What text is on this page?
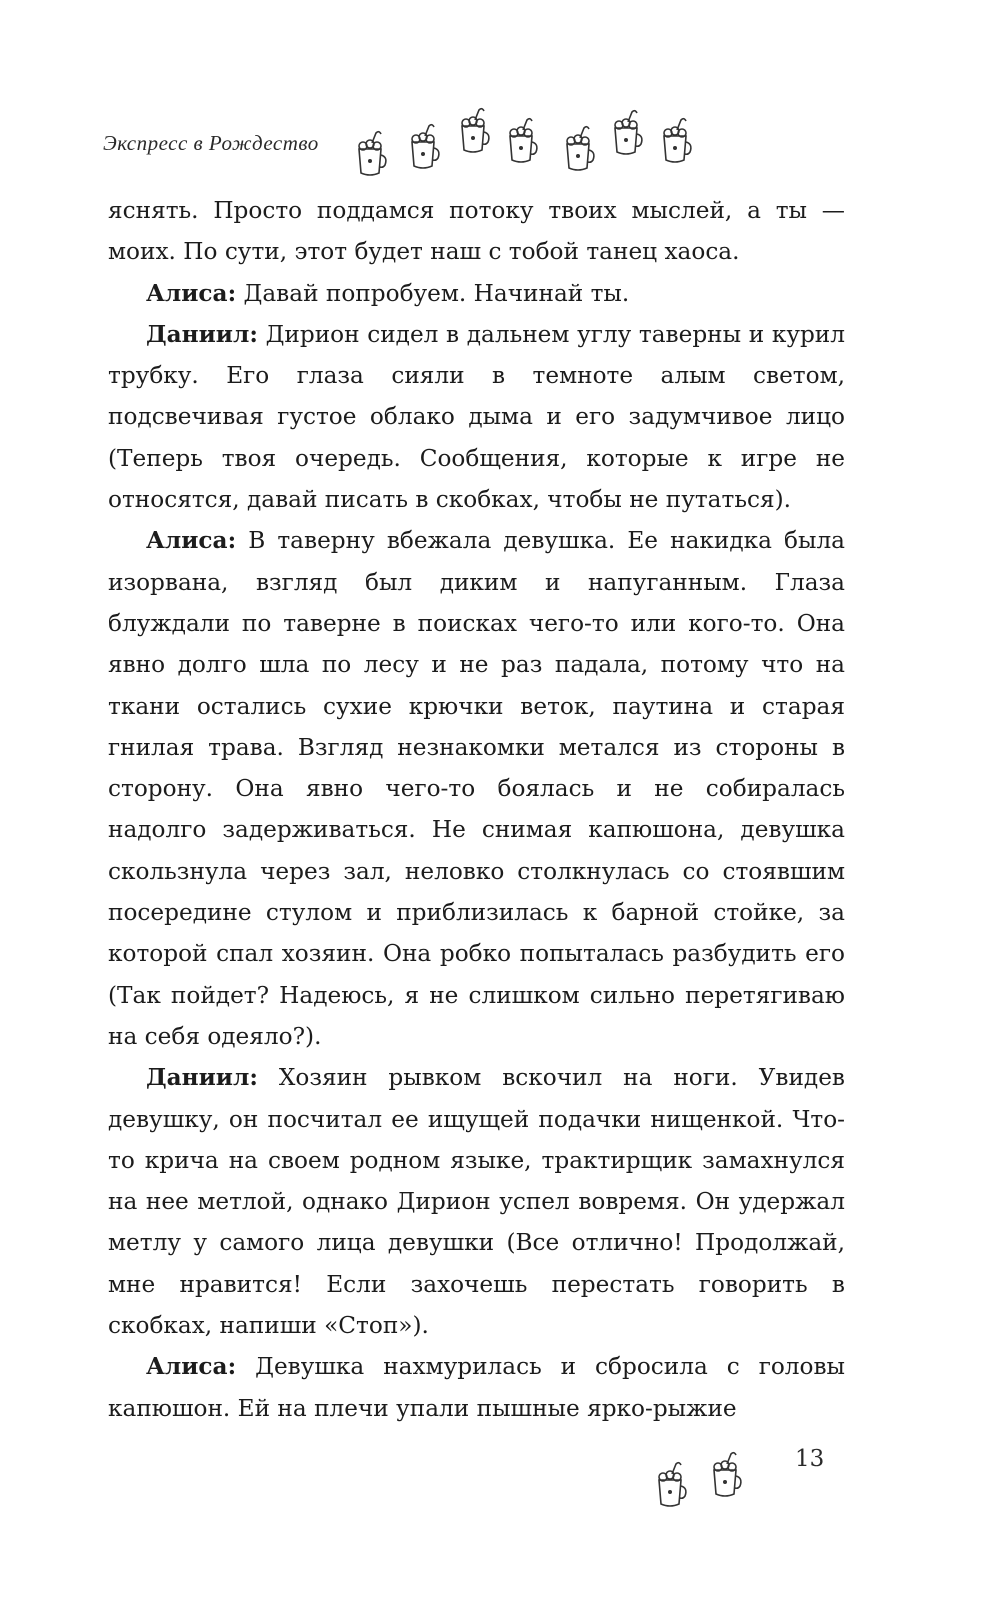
Экспресс в Рождество

яснять. Просто поддамся потоку твоих мыслей, а ты — моих. По сути, этот будет наш с тобой танец хаоса.

Алиса: Давай попробуем. Начинай ты.

Даниил: Дирион сидел в дальнем углу таверны и курил трубку. Его глаза сияли в темноте алым светом, подсвечивая густое облако дыма и его задумчивое лицо (Теперь твоя очередь. Сообщения, которые к игре не относятся, давай писать в скобках, чтобы не путаться).

Алиса: В таверну вбежала девушка. Ее накидка была изорвана, взгляд был диким и напуганным. Глаза блуждали по таверне в поисках чего-то или кого-то. Она явно долго шла по лесу и не раз падала, потому что на ткани остались сухие крючки веток, паутина и старая гнилая трава. Взгляд незнакомки метался из стороны в сторону. Она явно чего-то боялась и не собиралась надолго задерживаться. Не снимая капюшона, девушка скользнула через зал, неловко столкнулась со стоявшим посередине стулом и приблизилась к барной стойке, за которой спал хозяин. Она робко попыталась разбудить его (Так пойдет? Надеюсь, я не слишком сильно перетягиваю на себя одеяло?).

Даниил: Хозяин рывком вскочил на ноги. Увидев девушку, он посчитал ее ищущей подачки нищенкой. Что-то крича на своем родном языке, трактирщик замахнулся на нее метлой, однако Дирион успел вовремя. Он удержал метлу у самого лица девушки (Все отлично! Продолжай, мне нравится! Если захочешь перестать говорить в скобках, напиши «Стоп»).

Алиса: Девушка нахмурилась и сбросила с головы капюшон. Ей на плечи упали пышные ярко-рыжие

13
